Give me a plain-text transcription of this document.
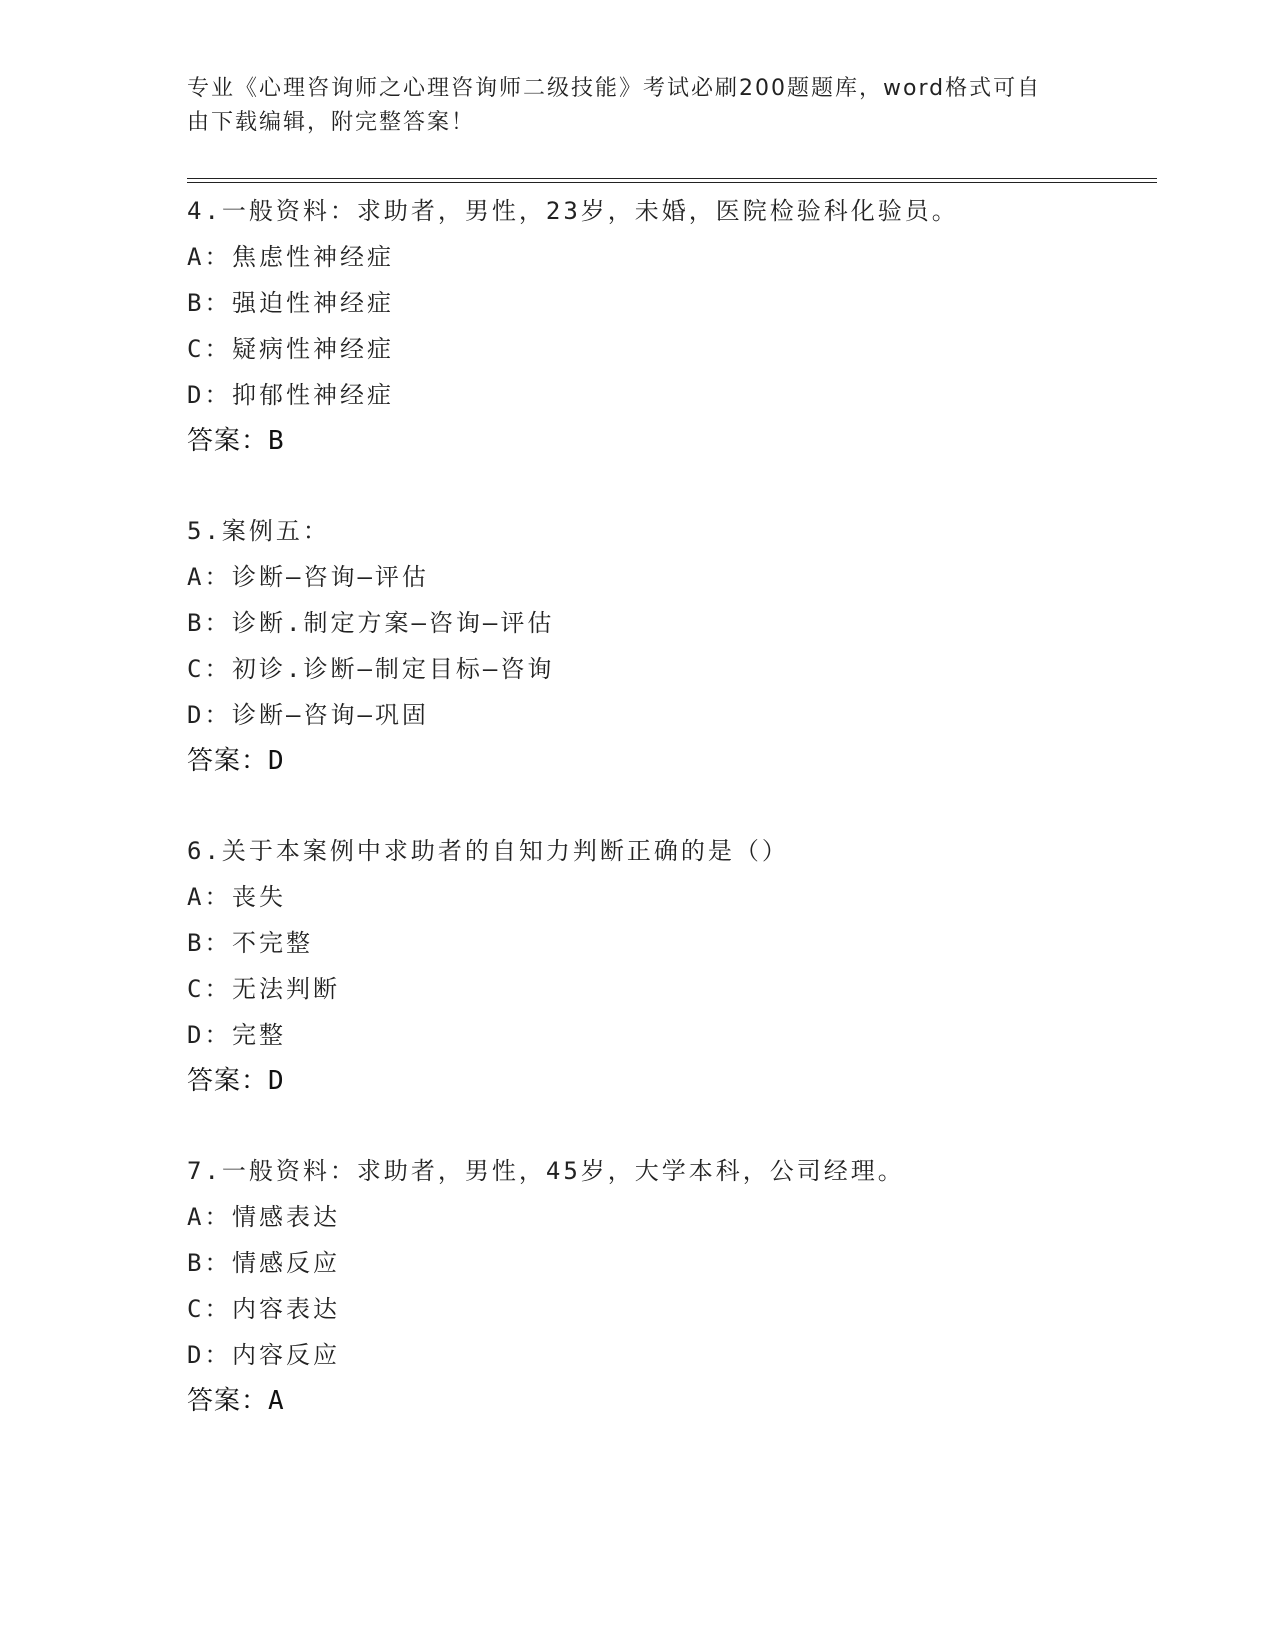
专业《心理咨询师之心理咨询师二级技能》考试必刷200题题库，word格式可自
由下载编辑，附完整答案！
4.一般资料：求助者，男性，23岁，未婚，医院检验科化验员。
A：焦虑性神经症
B：强迫性神经症
C：疑病性神经症
D：抑郁性神经症
答案：B
5.案例五：
A：诊断—咨询—评估
B：诊断.制定方案—咨询—评估
C：初诊.诊断—制定目标—咨询
D：诊断—咨询—巩固
答案：D
6.关于本案例中求助者的自知力判断正确的是（）
A：丧失
B：不完整
C：无法判断
D：完整
答案：D
7.一般资料：求助者，男性，45岁，大学本科，公司经理。
A：情感表达
B：情感反应
C：内容表达
D：内容反应
答案：A
